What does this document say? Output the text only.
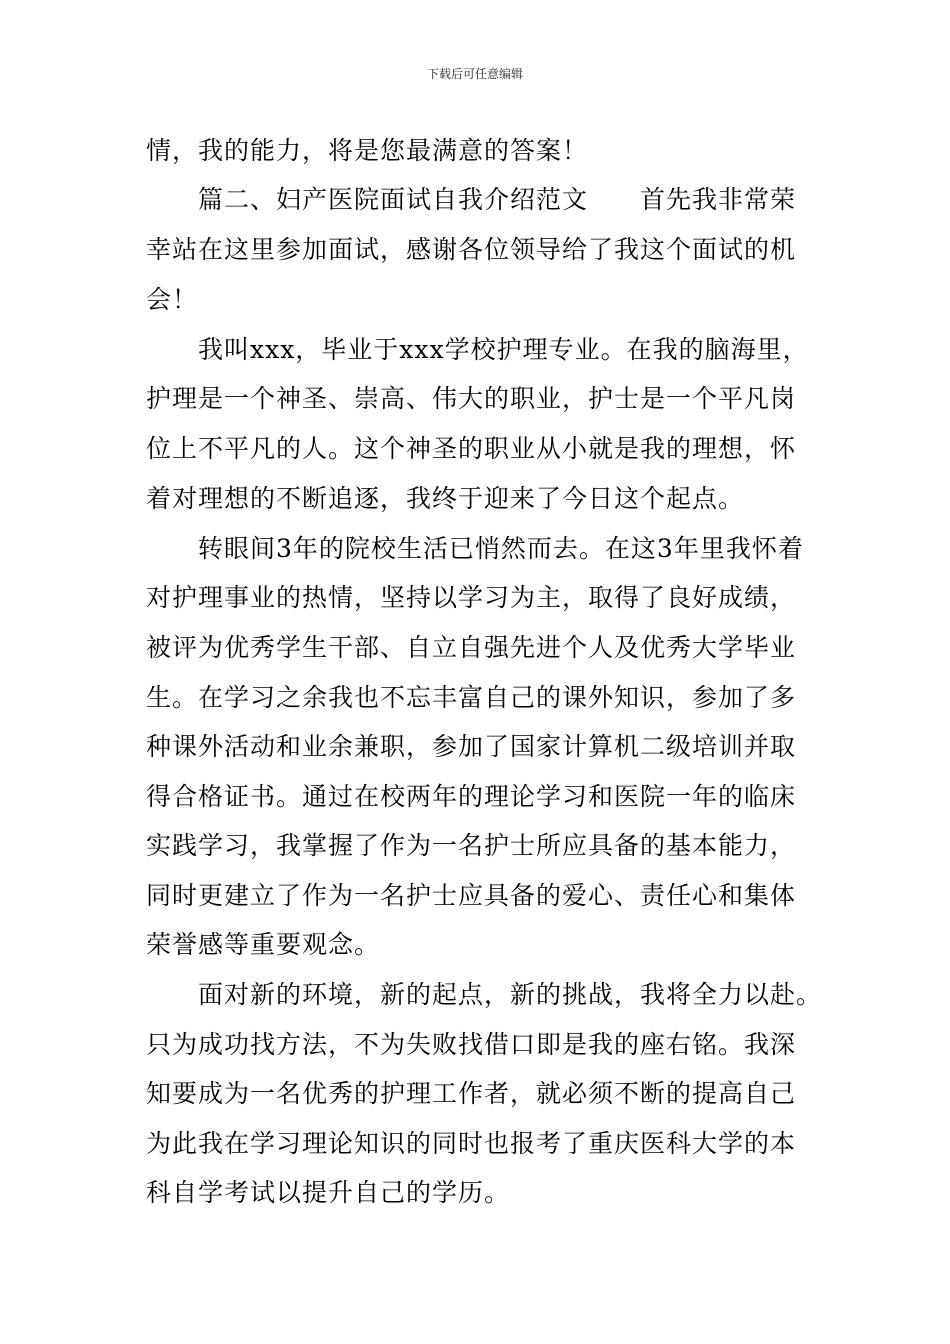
下载后可任意编辑
情，我的能力，将是您最满意的答案！
篇二、妇产医院面试自我介绍范文　　首先我非常荣
幸站在这里参加面试，感谢各位领导给了我这个面试的机
会！
我叫xxx，毕业于xxx学校护理专业。在我的脑海里，
护理是一个神圣、崇高、伟大的职业，护士是一个平凡岗
位上不平凡的人。这个神圣的职业从小就是我的理想，怀
着对理想的不断追逐，我终于迎来了今日这个起点。
转眼间3年的院校生活已悄然而去。在这3年里我怀着
对护理事业的热情，坚持以学习为主，取得了良好成绩，
被评为优秀学生干部、自立自强先进个人及优秀大学毕业
生。在学习之余我也不忘丰富自己的课外知识，参加了多
种课外活动和业余兼职，参加了国家计算机二级培训并取
得合格证书。通过在校两年的理论学习和医院一年的临床
实践学习，我掌握了作为一名护士所应具备的基本能力，
同时更建立了作为一名护士应具备的爱心、责任心和集体
荣誉感等重要观念。
面对新的环境，新的起点，新的挑战，我将全力以赴。
只为成功找方法，不为失败找借口即是我的座右铭。我深
知要成为一名优秀的护理工作者，就必须不断的提高自己
为此我在学习理论知识的同时也报考了重庆医科大学的本
科自学考试以提升自己的学历。
